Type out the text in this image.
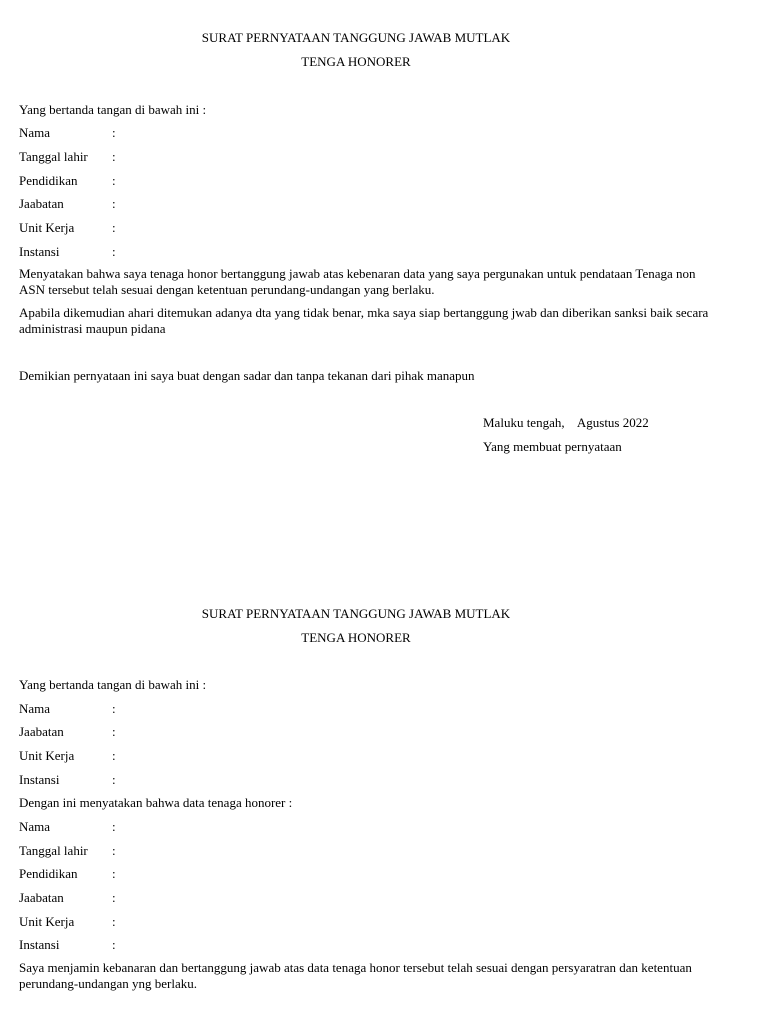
SURAT PERNYATAAN TANGGUNG JAWAB MUTLAK
TENGA HONORER
Yang bertanda tangan di bawah ini :
Nama	:
Tanggal lahir :
Pendidikan	:
Jaabatan	:
Unit Kerja	:
Instansi	:
Menyatakan bahwa saya tenaga honor bertanggung jawab atas kebenaran data yang saya pergunakan untuk pendataan Tenaga non ASN tersebut telah sesuai dengan ketentuan perundang-undangan yang berlaku.
Apabila dikemudian ahari ditemukan adanya dta yang tidak benar, mka saya siap bertanggung jwab dan diberikan sanksi baik secara administrasi maupun pidana
Demikian pernyataan ini saya buat dengan sadar dan tanpa tekanan dari pihak manapun
Maluku tengah,    Agustus 2022
Yang membuat pernyataan
SURAT PERNYATAAN TANGGUNG JAWAB MUTLAK
TENGA HONORER
Yang bertanda tangan di bawah ini :
Nama	:
Jaabatan	:
Unit Kerja	:
Instansi	:
Dengan ini menyatakan bahwa data tenaga honorer :
Nama	:
Tanggal lahir :
Pendidikan	:
Jaabatan	:
Unit Kerja	:
Instansi	:
Saya menjamin kebanaran dan bertanggung jawab atas data tenaga honor tersebut telah sesuai dengan persyaratran dan ketentuan perundang-undangan yng berlaku.
